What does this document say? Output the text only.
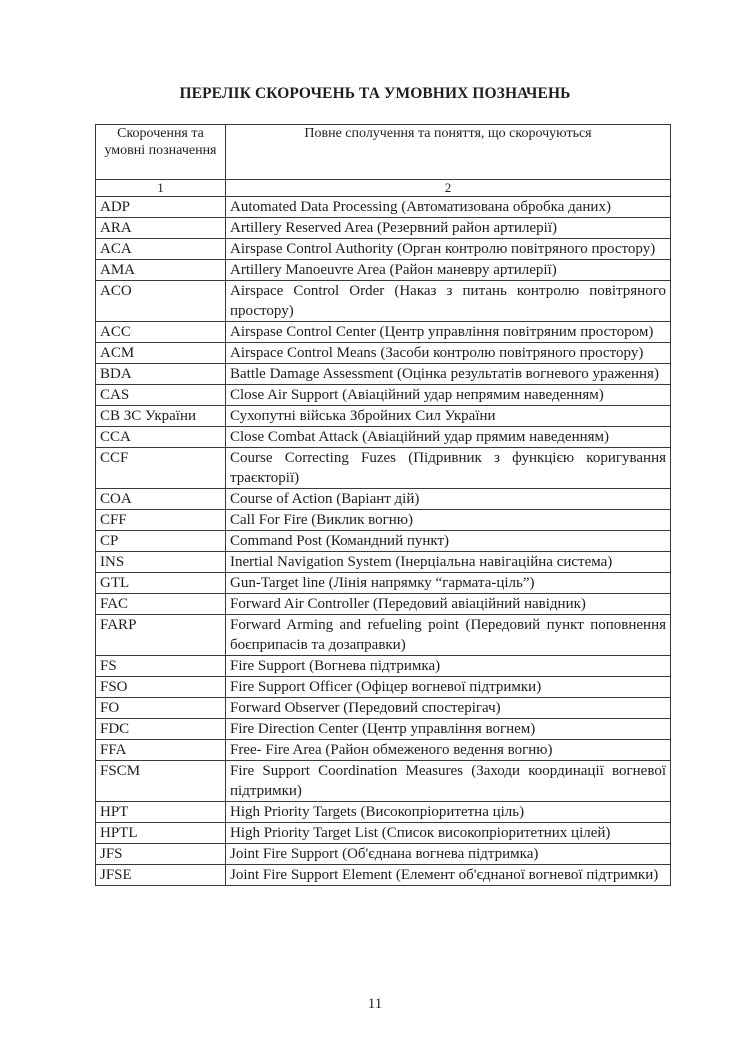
ПЕРЕЛІК СКОРОЧЕНЬ ТА УМОВНИХ ПОЗНАЧЕНЬ
Скорочення та умовні позначення	Повне сполучення та поняття, що скорочуються
1	2
ADP	Automated Data Processing (Автоматизована обробка даних)
ARA	Artillery Reserved Area (Резервний район артилерії)
ACA	Airspase Control Authority (Орган контролю повітряного простору)
AMA	Artillery Manoeuvre Area (Район маневру артилерії)
ACO	Airspace Control Order (Наказ з питань контролю повітряного простору)
ACC	Airspase Control Center (Центр управління повітряним простором)
ACM	Airspace Control Means (Засоби контролю повітряного простору)
BDA	Battle Damage Assessment (Оцінка результатів вогневого ураження)
CAS	Close Air Support (Авіаційний удар непрямим наведенням)
СВ ЗС України	Сухопутні війська Збройних Сил України
CCA	Close Combat Attack (Авіаційний удар прямим наведенням)
CCF	Course Correcting Fuzes (Підривник з функцією коригування траєкторії)
COA	Course of Action (Варіант дій)
CFF	Call For Fire (Виклик вогню)
CP	Command Post (Командний пункт)
INS	Inertial Navigation System (Інерціальна навігаційна система)
GTL	Gun-Target line (Лінія напрямку “гармата-ціль”)
FAC	Forward Air Controller (Передовий авіаційний навідник)
FARP	Forward Arming and refueling point (Передовий пункт поповнення боєприпасів та дозаправки)
FS	Fire Support (Вогнева підтримка)
FSO	Fire Support Officer (Офіцер вогневої підтримки)
FO	Forward Observer (Передовий спостерігач)
FDC	Fire Direction Center (Центр управління вогнем)
FFA	Free- Fire Area (Район обмеженого ведення вогню)
FSCM	Fire Support Coordination Measures (Заходи координації вогневої підтримки)
HPT	High Priority Targets (Високопріоритетна ціль)
HPTL	High Priority Target List (Список високопріоритетних цілей)
JFS	Joint Fire Support (Об'єднана вогнева підтримка)
JFSE	Joint Fire Support Element (Елемент об'єднаної вогневої підтримки)
11
